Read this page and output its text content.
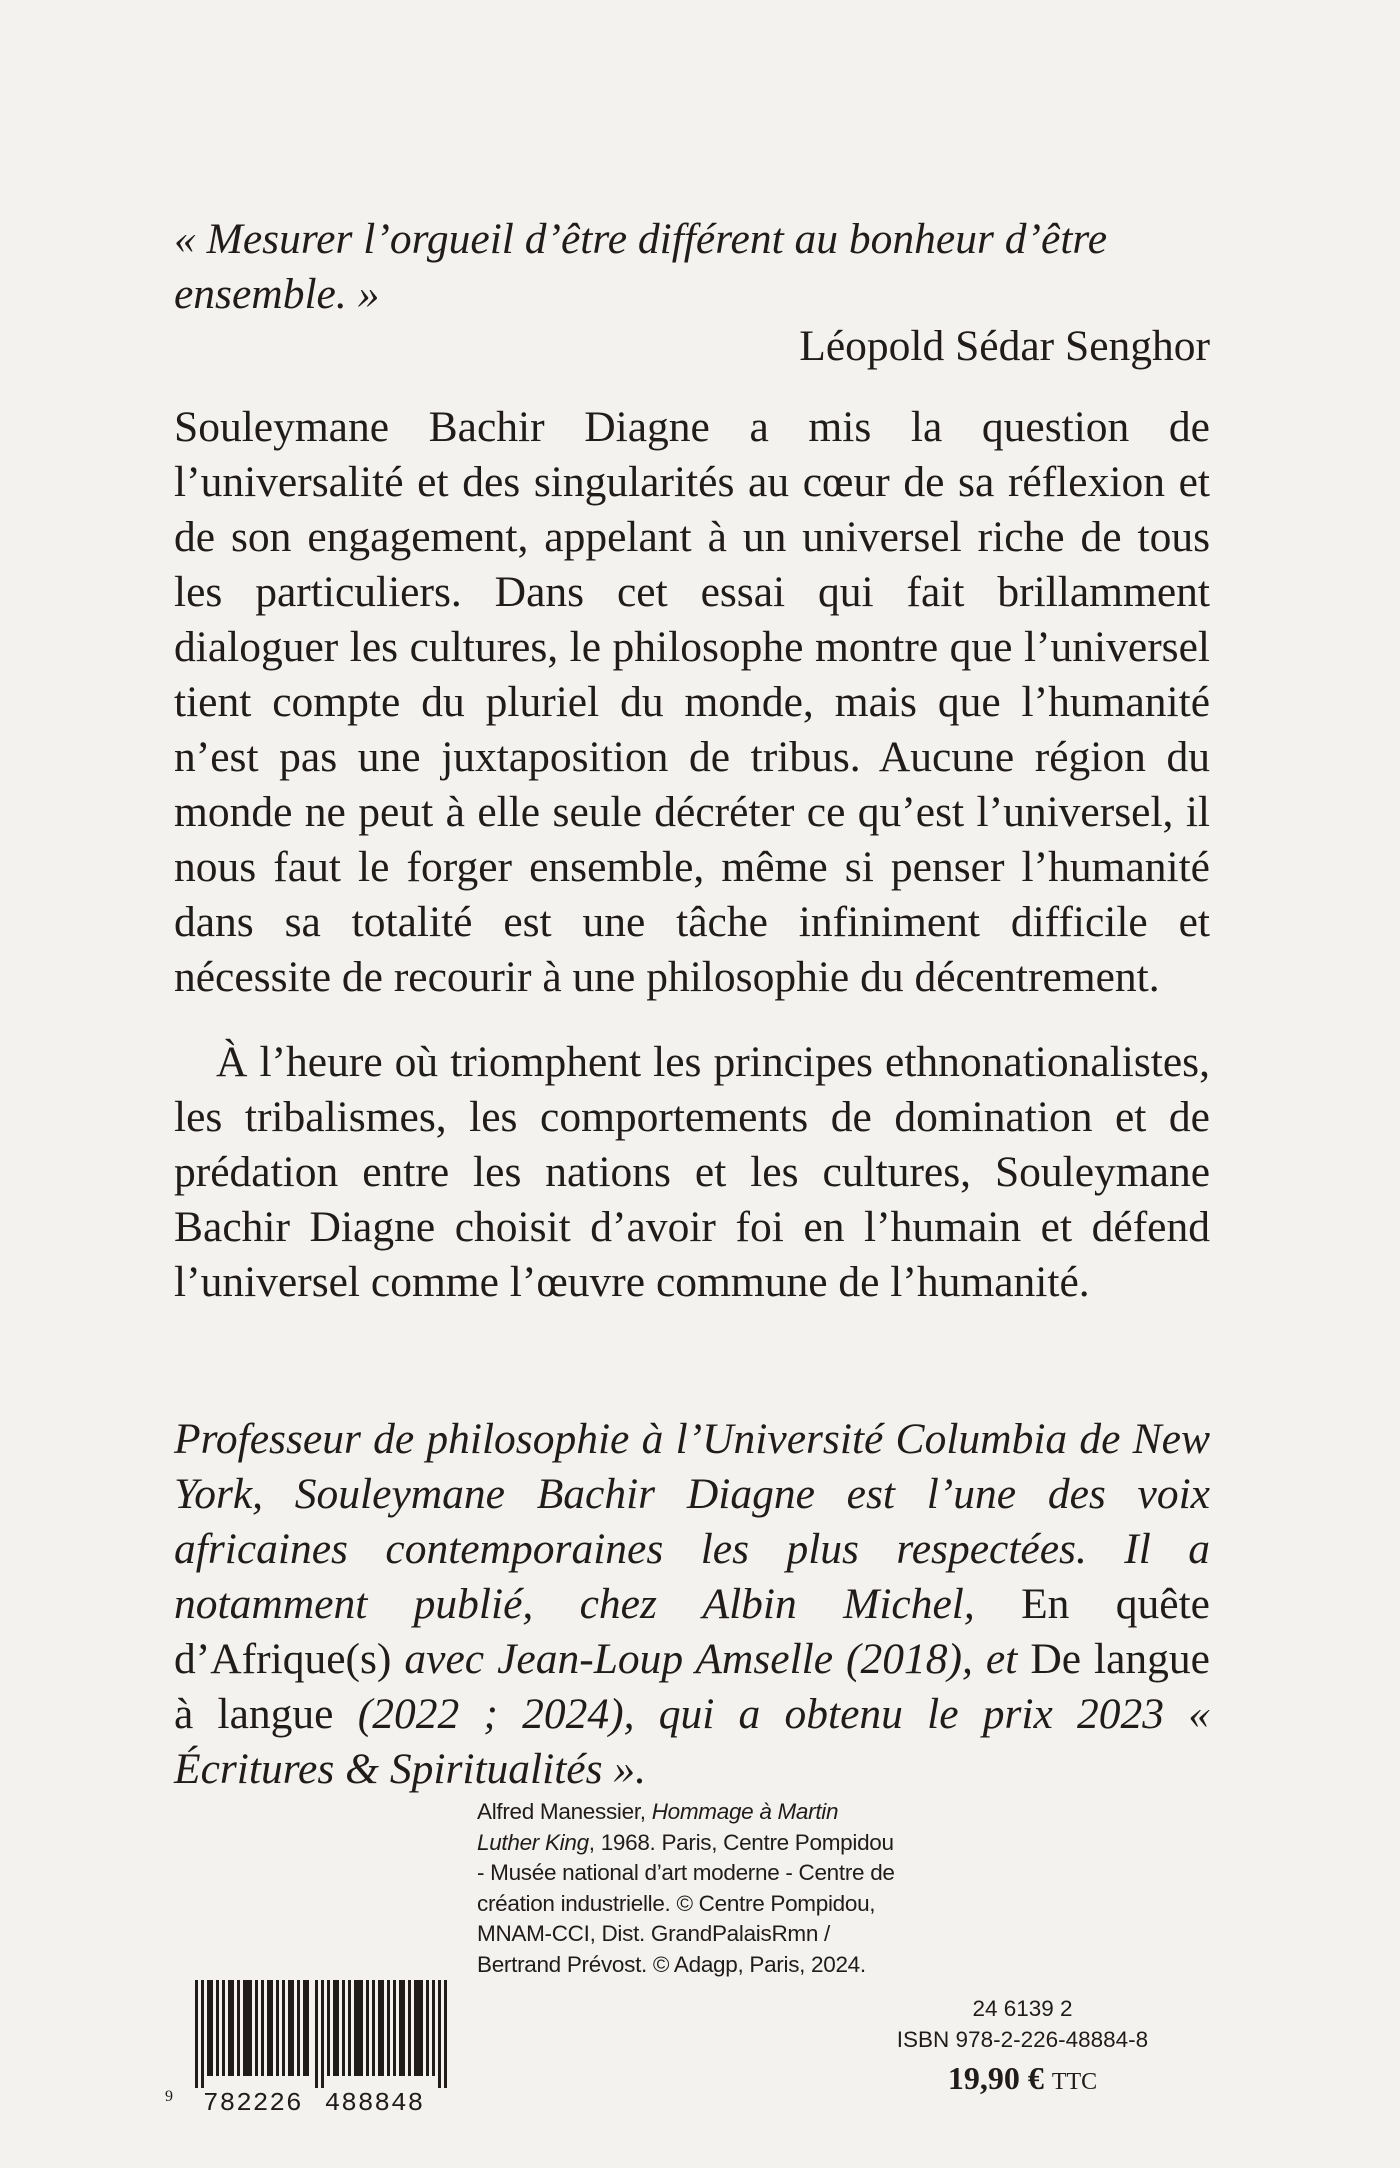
« Mesurer l’orgueil d’être différent au bonheur d’être ensemble. »

Léopold Sédar Senghor

Souleymane Bachir Diagne a mis la question de l’universalité et des singularités au cœur de sa réflexion et de son engagement, appelant à un universel riche de tous les particuliers. Dans cet essai qui fait brillamment dialoguer les cultures, le philosophe montre que l’universel tient compte du pluriel du monde, mais que l’humanité n’est pas une juxtaposition de tribus. Aucune région du monde ne peut à elle seule décréter ce qu’est l’universel, il nous faut le forger ensemble, même si penser l’humanité dans sa totalité est une tâche infiniment difficile et nécessite de recourir à une philosophie du décentrement.

À l’heure où triomphent les principes ethnonationalistes, les tribalismes, les comportements de domination et de prédation entre les nations et les cultures, Souleymane Bachir Diagne choisit d’avoir foi en l’humain et défend l’universel comme l’œuvre commune de l’humanité.

Professeur de philosophie à l’Université Columbia de New York, Souleymane Bachir Diagne est l’une des voix africaines contemporaines les plus respectées. Il a notamment publié, chez Albin Michel, En quête d’Afrique(s) avec Jean-Loup Amselle (2018), et De langue à langue (2022 ; 2024), qui a obtenu le prix 2023 « Écritures & Spiritualités ».

9 782226 488848
Alfred Manessier, Hommage à Martin Luther King, 1968. Paris, Centre Pompidou - Musée national d’art moderne - Centre de création industrielle. © Centre Pompidou, MNAM-CCI, Dist. GrandPalaisRmn / Bertrand Prévost. © Adagp, Paris, 2024.
24 6139 2
ISBN 978-2-226-48884-8
19,90 € TTC
